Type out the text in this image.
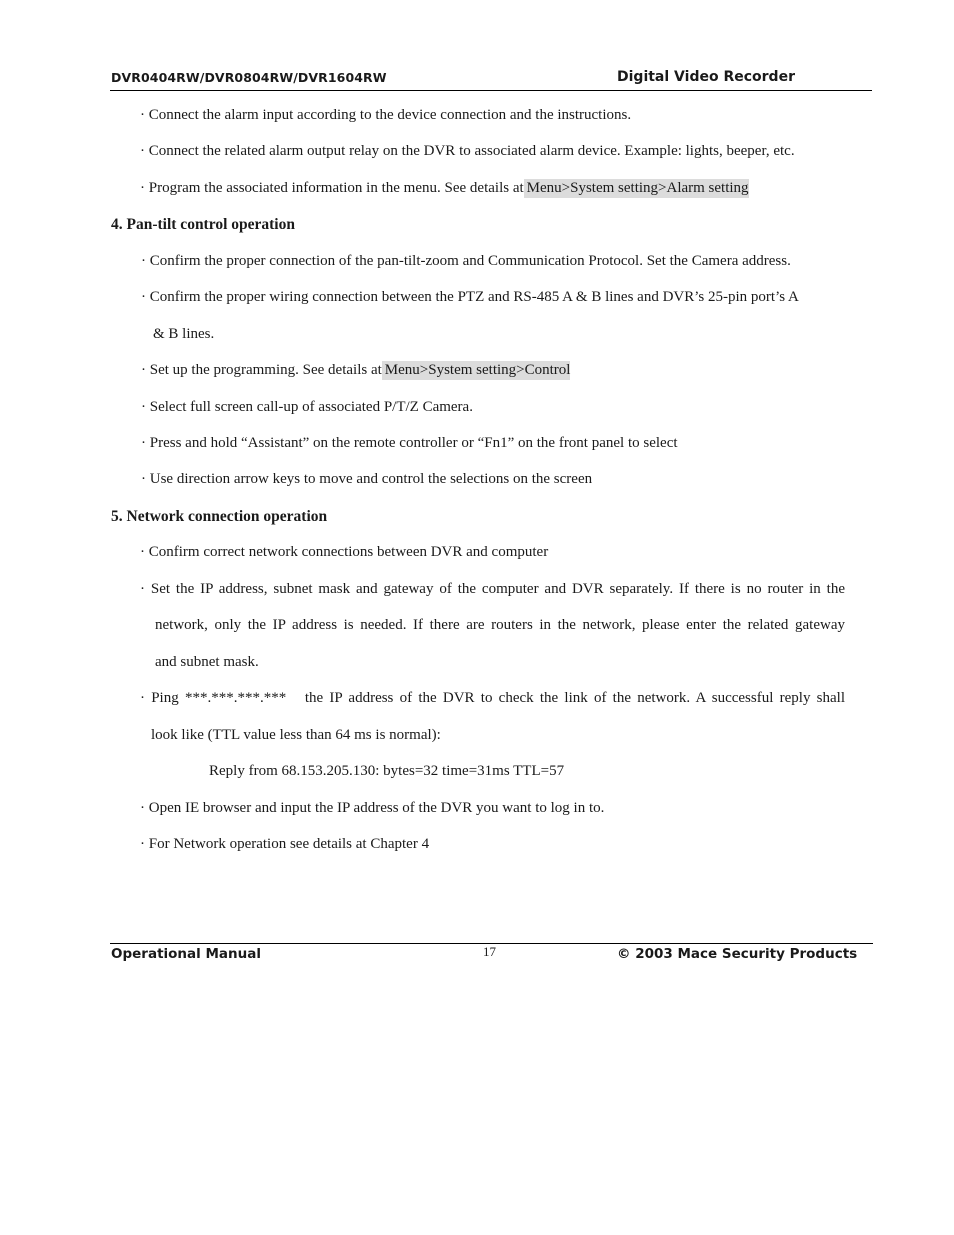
DVR0404RW/DVR0804RW/DVR1604RW	Digital Video Recorder
· Connect the alarm input according to the device connection and the instructions.
· Connect the related alarm output relay on the DVR to associated alarm device. Example: lights, beeper, etc.
· Program the associated information in the menu. See details at Menu>System setting>Alarm setting
4. Pan-tilt control operation
· Confirm the proper connection of the pan-tilt-zoom and Communication Protocol. Set the Camera address.
· Confirm the proper wiring connection between the PTZ and RS-485 A & B lines and DVR’s 25-pin port’s A
& B lines.
· Set up the programming. See details at Menu>System setting>Control
· Select full screen call-up of associated P/T/Z Camera.
· Press and hold “Assistant” on the remote controller or “Fn1” on the front panel to select
· Use direction arrow keys to move and control the selections on the screen
5. Network connection operation
· Confirm correct network connections between DVR and computer
· Set the IP address, subnet mask and gateway of the computer and DVR separately. If there is no router in the
network, only the IP address is needed. If there are routers in the network, please enter the related gateway
and subnet mask.
· Ping ***.***.***.***   the IP address of the DVR to check the link of the network. A successful reply shall
look like (TTL value less than 64 ms is normal):
Reply from 68.153.205.130: bytes=32 time=31ms TTL=57
· Open IE browser and input the IP address of the DVR you want to log in to.
· For Network operation see details at Chapter 4
Operational Manual	17	© 2003 Mace Security Products
